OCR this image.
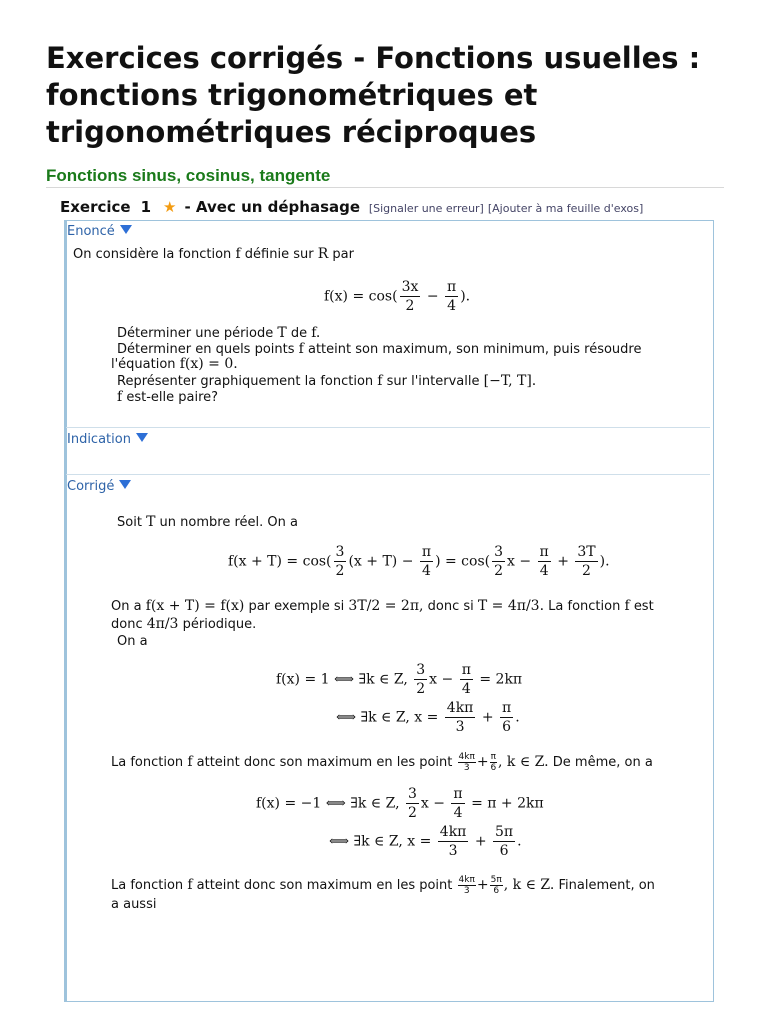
Exercices corrigés - Fonctions usuelles : fonctions trigonométriques et trigonométriques réciproques
Fonctions sinus, cosinus, tangente
Exercice 1 ★ - Avec un déphasage [Signaler une erreur] [Ajouter à ma feuille d'exos]
Enoncé
On considère la fonction f définie sur R par
$f(x) = \cos( \frac{3x}{2} - \frac{\pi}{4}$ ).
Déterminer une période T de f.
Déterminer en quels points f atteint son maximum, son minimum, puis résoudre
l'équation f(x) = 0.
Représenter graphiquement la fonction f sur l'intervalle [−T, T].
f est-elle paire?
Indication
Corrigé
Soit T un nombre réel. On a
$f(x + T) = \cos( \frac{3}{2} (x + T) - \frac{\pi}{4}$ ) = $\cos( \frac{3}{2}$ $x - \frac{\pi}{4} + \frac{3T}{2}$ ).
On a f(x + T) = f(x) par exemple si 3T/2 = 2π, donc si T = 4π/3. La fonction f est
donc 4π/3 périodique.
On a
f(x) = 1 ⟺ ∃k ∈ Z, $\frac{3}{2}$ $x - \frac{\pi}{4} = 2k\pi$
⟺ ∃k ∈ Z, $x = \frac{4k\pi}{3} + \frac{\pi}{6}$ .
La fonction f atteint donc son maximum en les point $\frac{4k\pi}{3} + \frac{\pi}{6}$ , k ∈ Z. De même, on a
f(x) = −1 ⟺ ∃k ∈ Z, $\frac{3}{2}$ $x - \frac{\pi}{4} = \pi + 2k\pi$
⟺ ∃k ∈ Z, $x = \frac{4k\pi}{3} + \frac{5\pi}{6}$ .
La fonction f atteint donc son maximum en les point $\frac{4k\pi}{3} + \frac{5\pi}{6}$ , k ∈ Z. Finalement, on
a aussi
